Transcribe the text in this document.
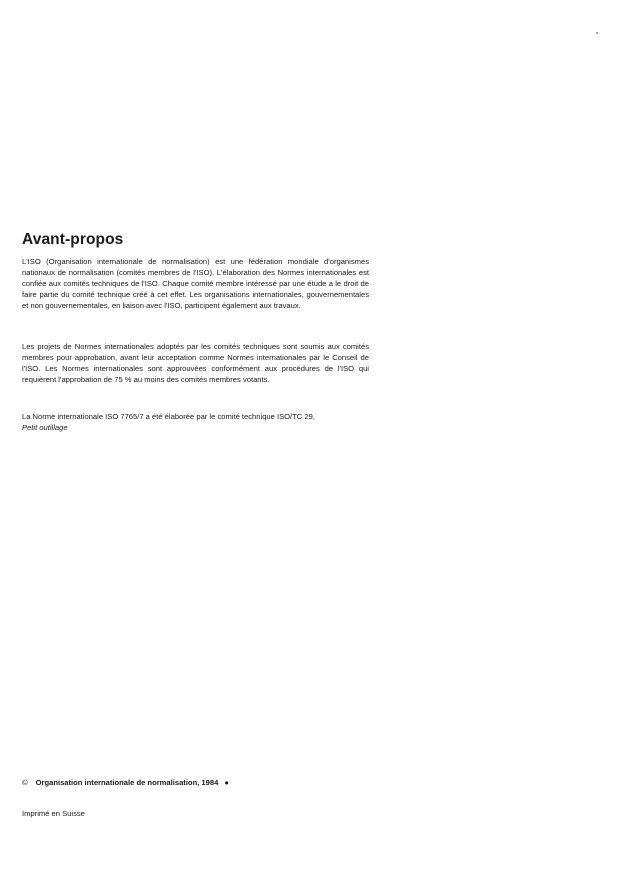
Avant-propos

L'ISO (Organisation internationale de normalisation) est une fédération mondiale d'organismes nationaux de normalisation (comités membres de l'ISO). L'élaboration des Normes internationales est confiée aux comités techniques de l'ISO. Chaque comité membre intéressé par une étude a le droit de faire partie du comité technique créé à cet effet. Les organisations internationales, gouvernementales et non gouvernementales, en liaison avec l'ISO, participent également aux travaux.

Les projets de Normes internationales adoptés par les comités techniques sont soumis aux comités membres pour approbation, avant leur acceptation comme Normes internationales par le Conseil de l'ISO. Les Normes internationales sont approuvées conformément aux procédures de l'ISO qui requièrent l'approbation de 75 % au moins des comités membres votants.

La Norme internationale ISO 7765/7 a été élaborée par le comité technique ISO/TC 29,
Petit outillage

© Organisation internationale de normalisation, 1984 ●
Imprimé en Suisse
